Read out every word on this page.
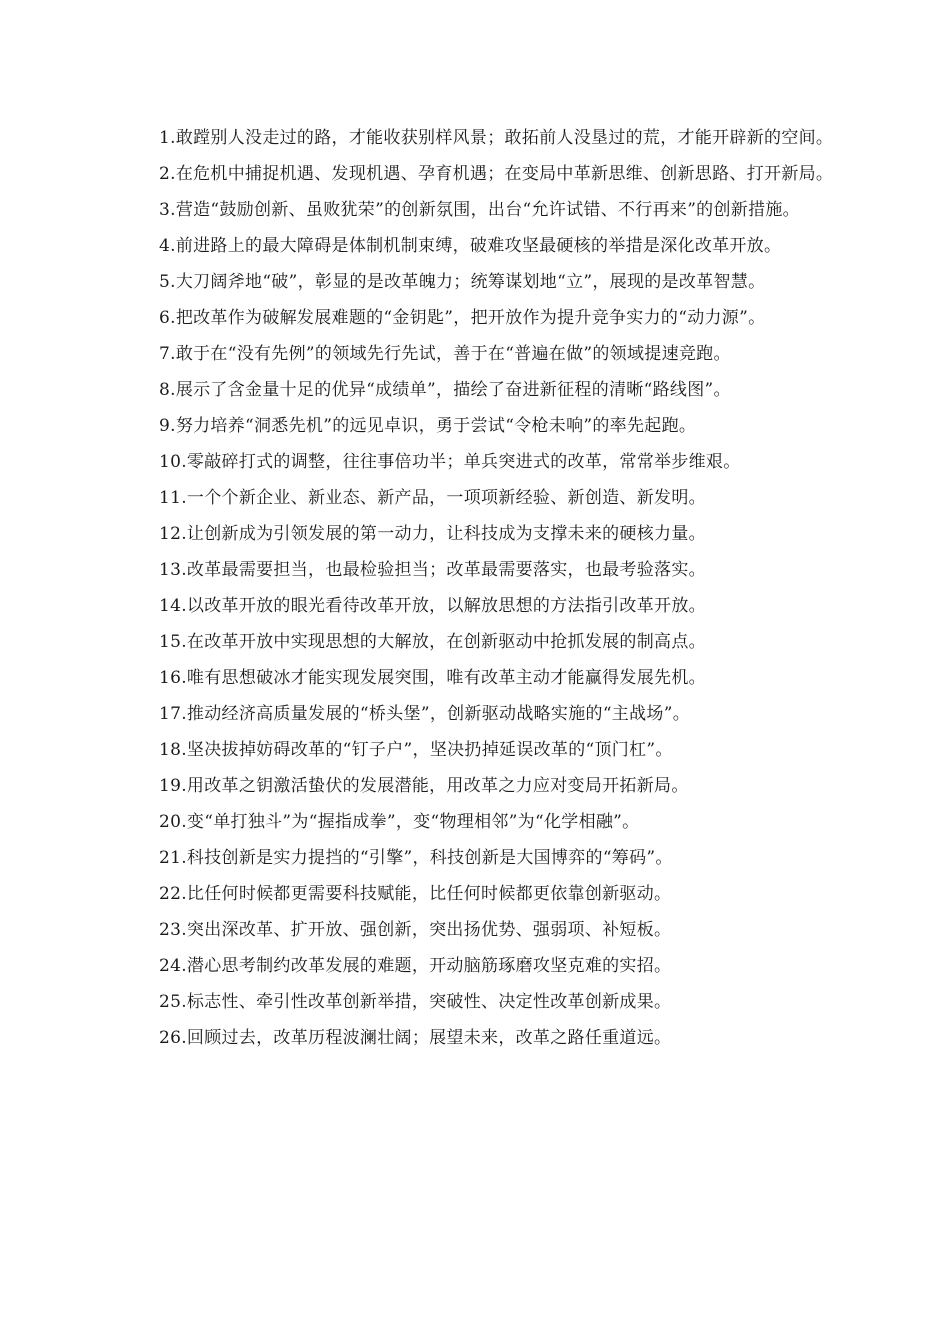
1.敢蹚别人没走过的路，才能收获别样风景；敢拓前人没垦过的荒，才能开辟新的空间。

2.在危机中捕捉机遇、发现机遇、孕育机遇；在变局中革新思维、创新思路、打开新局。

3.营造“鼓励创新、虽败犹荣”的创新氛围，出台“允许试错、不行再来”的创新措施。

4.前进路上的最大障碍是体制机制束缚，破难攻坚最硬核的举措是深化改革开放。

5.大刀阔斧地“破”，彰显的是改革魄力；统筹谋划地“立”，展现的是改革智慧。

6.把改革作为破解发展难题的“金钥匙”，把开放作为提升竞争实力的“动力源”。

7.敢于在“没有先例”的领域先行先试，善于在“普遍在做”的领域提速竞跑。

8.展示了含金量十足的优异“成绩单”，描绘了奋进新征程的清晰“路线图”。

9.努力培养“洞悉先机”的远见卓识，勇于尝试“令枪未响”的率先起跑。

10.零敲碎打式的调整，往往事倍功半；单兵突进式的改革，常常举步维艰。

11.一个个新企业、新业态、新产品，一项项新经验、新创造、新发明。

12.让创新成为引领发展的第一动力，让科技成为支撑未来的硬核力量。

13.改革最需要担当，也最检验担当；改革最需要落实，也最考验落实。

14.以改革开放的眼光看待改革开放，以解放思想的方法指引改革开放。

15.在改革开放中实现思想的大解放，在创新驱动中抢抓发展的制高点。

16.唯有思想破冰才能实现发展突围，唯有改革主动才能赢得发展先机。

17.推动经济高质量发展的“桥头堡”，创新驱动战略实施的“主战场”。

18.坚决拔掉妨碍改革的“钉子户”，坚决扔掉延误改革的“顶门杠”。

19.用改革之钥激活蛰伏的发展潜能，用改革之力应对变局开拓新局。

20.变“单打独斗”为“握指成拳”，变“物理相邻”为“化学相融”。

21.科技创新是实力提挡的“引擎”，科技创新是大国博弈的“筹码”。

22.比任何时候都更需要科技赋能，比任何时候都更依靠创新驱动。

23.突出深改革、扩开放、强创新，突出扬优势、强弱项、补短板。

24.潜心思考制约改革发展的难题，开动脑筋琢磨攻坚克难的实招。

25.标志性、牵引性改革创新举措，突破性、决定性改革创新成果。

26.回顾过去，改革历程波澜壮阔；展望未来，改革之路任重道远。
